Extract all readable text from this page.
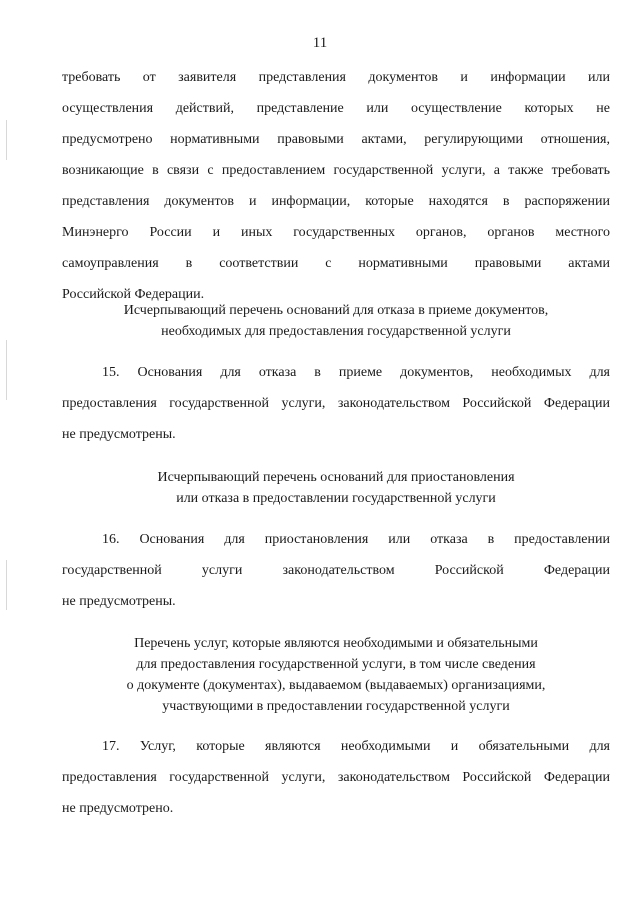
11
требовать от заявителя представления документов и информации или
осуществления действий, представление или осуществление которых не
предусмотрено нормативными правовыми актами, регулирующими отношения,
возникающие в связи с предоставлением государственной услуги, а также требовать
представления документов и информации, которые находятся в распоряжении
Минэнерго России и иных государственных органов, органов местного
самоуправления в соответствии с нормативными правовыми актами
Российской Федерации.
Исчерпывающий перечень оснований для отказа в приеме документов,
необходимых для предоставления государственной услуги
15. Основания для отказа в приеме документов, необходимых для
предоставления государственной услуги, законодательством Российской Федерации
не предусмотрены.
Исчерпывающий перечень оснований для приостановления
или отказа в предоставлении государственной услуги
16. Основания для приостановления или отказа в предоставлении
государственной услуги законодательством Российской Федерации
не предусмотрены.
Перечень услуг, которые являются необходимыми и обязательными
для предоставления государственной услуги, в том числе сведения
о документе (документах), выдаваемом (выдаваемых) организациями,
участвующими в предоставлении государственной услуги
17. Услуг, которые являются необходимыми и обязательными для
предоставления государственной услуги, законодательством Российской Федерации
не предусмотрено.
